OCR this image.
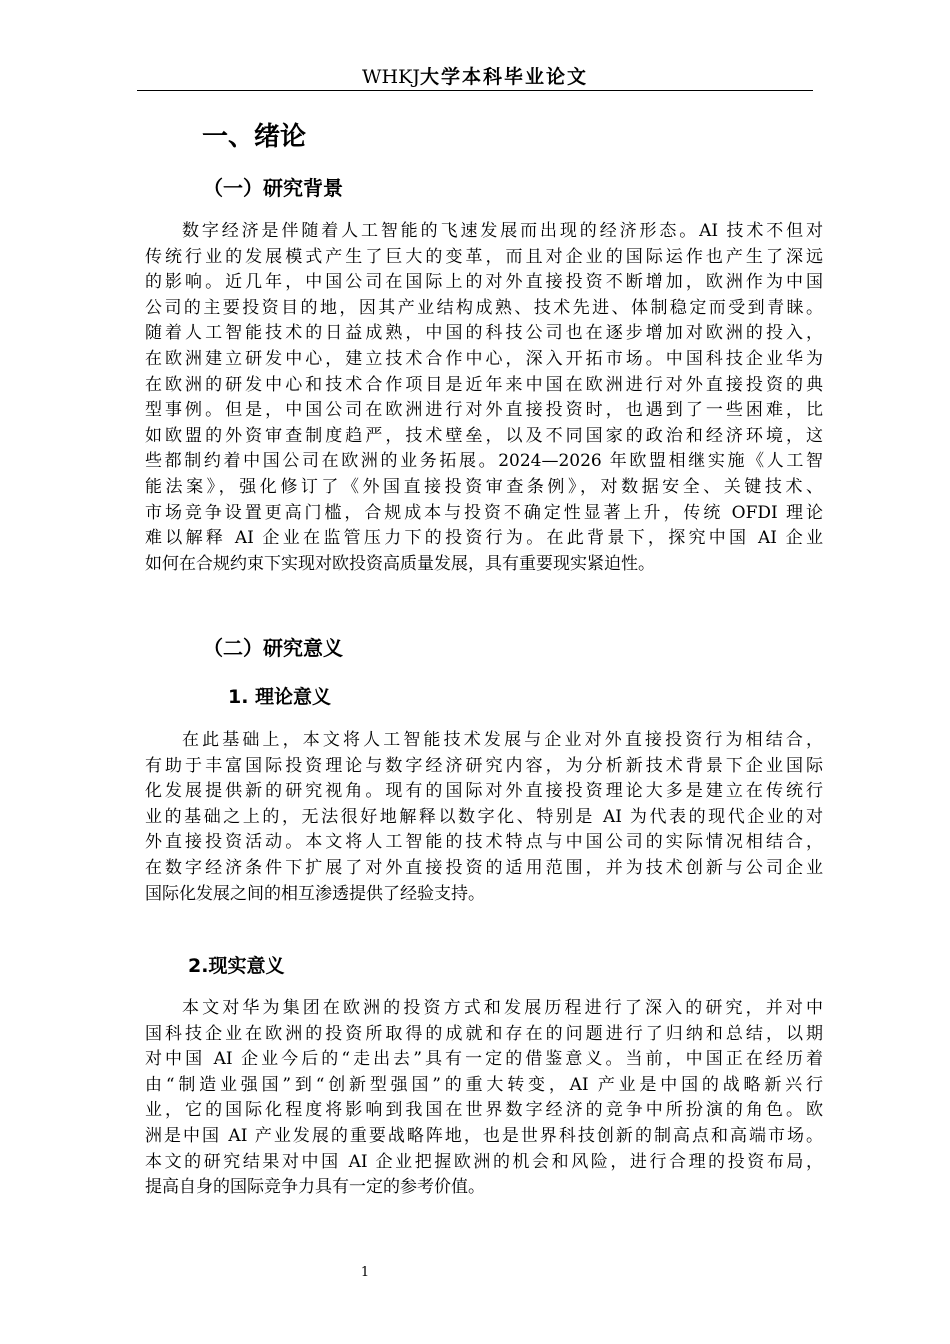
WHKJ大学本科毕业论文
一、绪论
（一）研究背景
数字经济是伴随着人工智能的飞速发展而出现的经济形态。AI 技术不但对
传统行业的发展模式产生了巨大的变革，而且对企业的国际运作也产生了深远
的影响。近几年，中国公司在国际上的对外直接投资不断增加，欧洲作为中国
公司的主要投资目的地，因其产业结构成熟、技术先进、体制稳定而受到青睐。
随着人工智能技术的日益成熟，中国的科技公司也在逐步增加对欧洲的投入，
在欧洲建立研发中心，建立技术合作中心，深入开拓市场。中国科技企业华为
在欧洲的研发中心和技术合作项目是近年来中国在欧洲进行对外直接投资的典
型事例。但是，中国公司在欧洲进行对外直接投资时，也遇到了一些困难，比
如欧盟的外资审查制度趋严，技术壁垒，以及不同国家的政治和经济环境，这
些都制约着中国公司在欧洲的业务拓展。2024—2026 年欧盟相继实施《人工智
能法案》，强化修订了《外国直接投资审查条例》，对数据安全、关键技术、
市场竞争设置更高门槛，合规成本与投资不确定性显著上升，传统 OFDI 理论
难以解释 AI 企业在监管压力下的投资行为。在此背景下，探究中国 AI 企业
如何在合规约束下实现对欧投资高质量发展，具有重要现实紧迫性。
（二）研究意义
1. 理论意义
在此基础上，本文将人工智能技术发展与企业对外直接投资行为相结合，
有助于丰富国际投资理论与数字经济研究内容，为分析新技术背景下企业国际
化发展提供新的研究视角。现有的国际对外直接投资理论大多是建立在传统行
业的基础之上的，无法很好地解释以数字化、特别是 AI 为代表的现代企业的对
外直接投资活动。本文将人工智能的技术特点与中国公司的实际情况相结合，
在数字经济条件下扩展了对外直接投资的适用范围，并为技术创新与公司企业
国际化发展之间的相互渗透提供了经验支持。
2.现实意义
本文对华为集团在欧洲的投资方式和发展历程进行了深入的研究，并对中
国科技企业在欧洲的投资所取得的成就和存在的问题进行了归纳和总结，以期
对中国 AI 企业今后的“走出去”具有一定的借鉴意义。当前，中国正在经历着
由“制造业强国”到“创新型强国”的重大转变，AI 产业是中国的战略新兴行
业，它的国际化程度将影响到我国在世界数字经济的竞争中所扮演的角色。欧
洲是中国 AI 产业发展的重要战略阵地，也是世界科技创新的制高点和高端市场。
本文的研究结果对中国 AI 企业把握欧洲的机会和风险，进行合理的投资布局，
提高自身的国际竞争力具有一定的参考价值。
1
